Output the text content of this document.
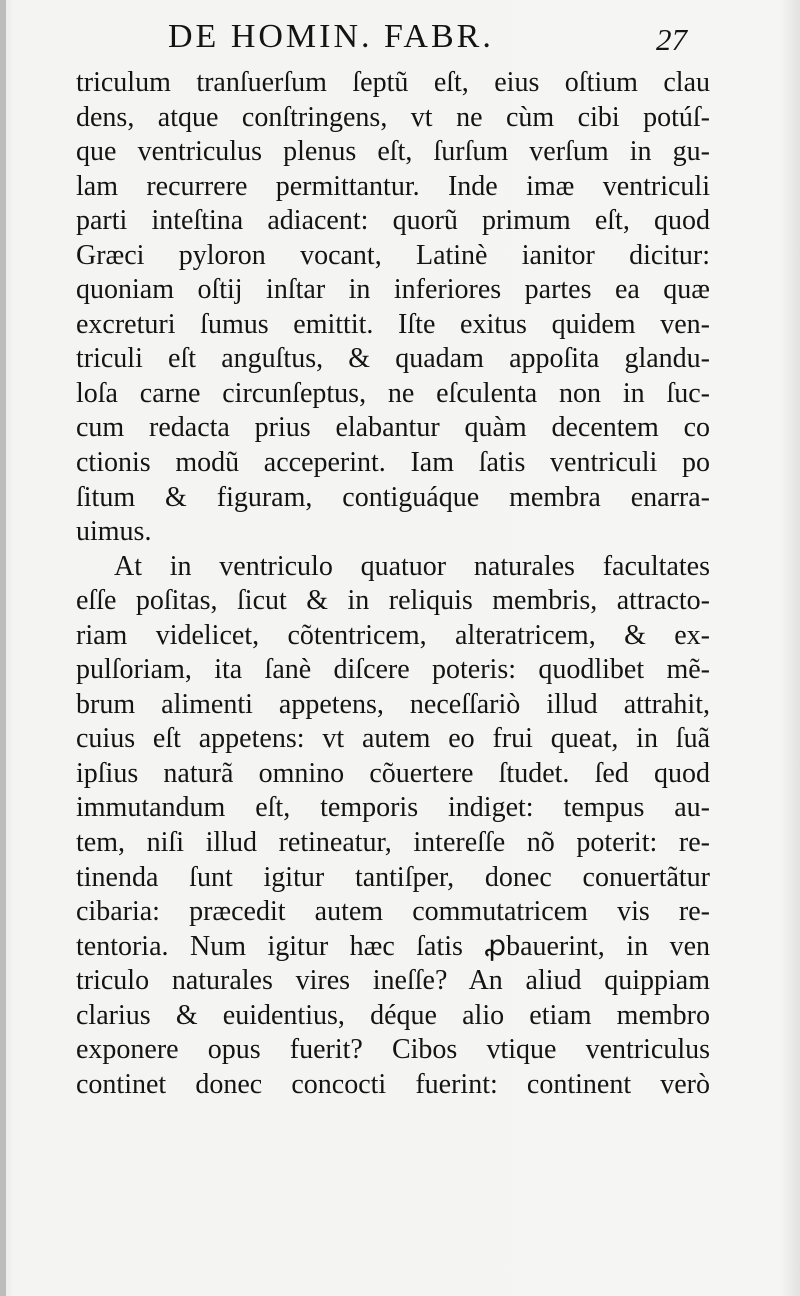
DE HOMIN. FABR.	27
triculum tranſuerſum ſeptũ eſt, eius oſtium clau
dens, atque conſtringens, vt ne cùm cibi potúſ-
que ventriculus plenus eſt, ſurſum verſum in gu-
lam recurrere permittantur. Inde imæ ventriculi
parti inteſtina adiacent: quorũ primum eſt, quod
Græci pyloron vocant, Latinè ianitor dicitur:
quoniam oſtij inſtar in inferiores partes ea quæ
excreturi ſumus emittit. Iſte exitus quidem ven-
triculi eſt anguſtus, & quadam appoſita glandu-
loſa carne circunſeptus, ne eſculenta non in ſuc-
cum redacta prius elabantur quàm decentem co
ctionis modũ acceperint. Iam ſatis ventriculi po
ſitum & figuram, contiguáque membra enarra-
uimus.
At in ventriculo quatuor naturales facultates
eſſe poſitas, ſicut & in reliquis membris, attracto-
riam videlicet, cõtentricem, alteratricem, & ex-
pulſoriam, ita ſanè diſcere poteris: quodlibet mẽ-
brum alimenti appetens, neceſſariò illud attrahit,
cuius eſt appetens: vt autem eo frui queat, in ſuã
ipſius naturã omnino cõuertere ſtudet. ſed quod
immutandum eſt, temporis indiget: tempus au-
tem, niſi illud retineatur, intereſſe nõ poterit: re-
tinenda ſunt igitur tantiſper, donec conuertãtur
cibaria: præcedit autem commutatricem vis re-
tentoria. Num igitur hæc ſatis ꝓbauerint, in ven
triculo naturales vires ineſſe? An aliud quippiam
clarius & euidentius, déque alio etiam membro
exponere opus fuerit? Cibos vtique ventriculus
continet donec concocti fuerint: continent verò
